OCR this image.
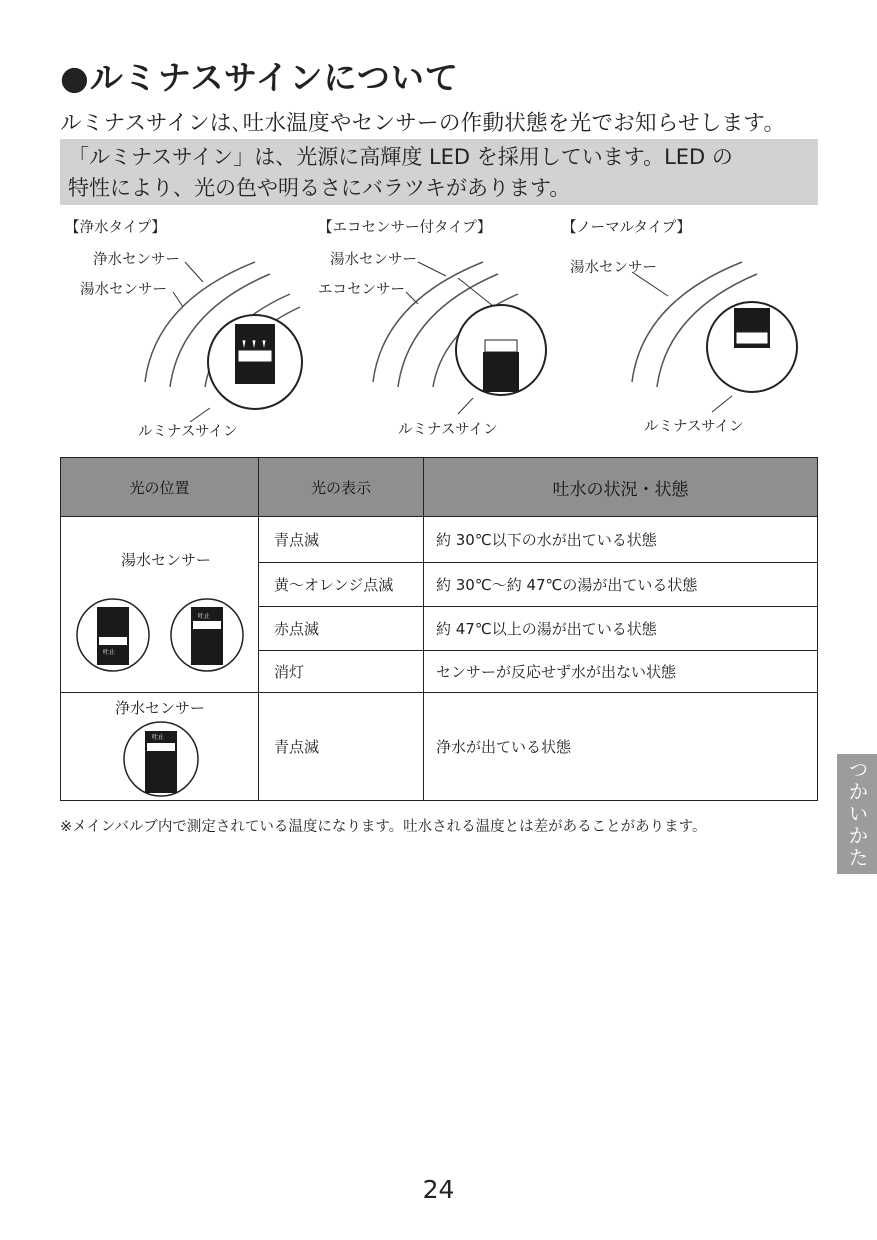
●ルミナスサインについて

ルミナスサインは､吐水温度やセンサーの作動状態を光でお知らせします。

「ルミナスサイン」は、光源に高輝度 LED を採用しています。LED の
特性により、光の色や明るさにバラツキがあります。
【浄水タイプ】
浄水センサー
湯水センサー
ルミナスサイン
【エコセンサー付タイプ】
湯水センサー
エコセンサー
ルミナスサイン
【ノーマルタイプ】
湯水センサー
ルミナスサイン
光の位置	光の表示	吐水の状況・状態

湯水センサー
吐止
吐止	青点滅	約 30℃以下の水が出ている状態
	黄〜オレンジ点滅	約 30℃〜約 47℃の湯が出ている状態
	赤点滅	約 47℃以上の湯が出ている状態
	消灯	センサーが反応せず水が出ない状態

浄水センサー
吐止	青点滅	浄水が出ている状態

※メインバルブ内で測定されている温度になります。吐水される温度とは差があることがあります。	つかいかた

24
